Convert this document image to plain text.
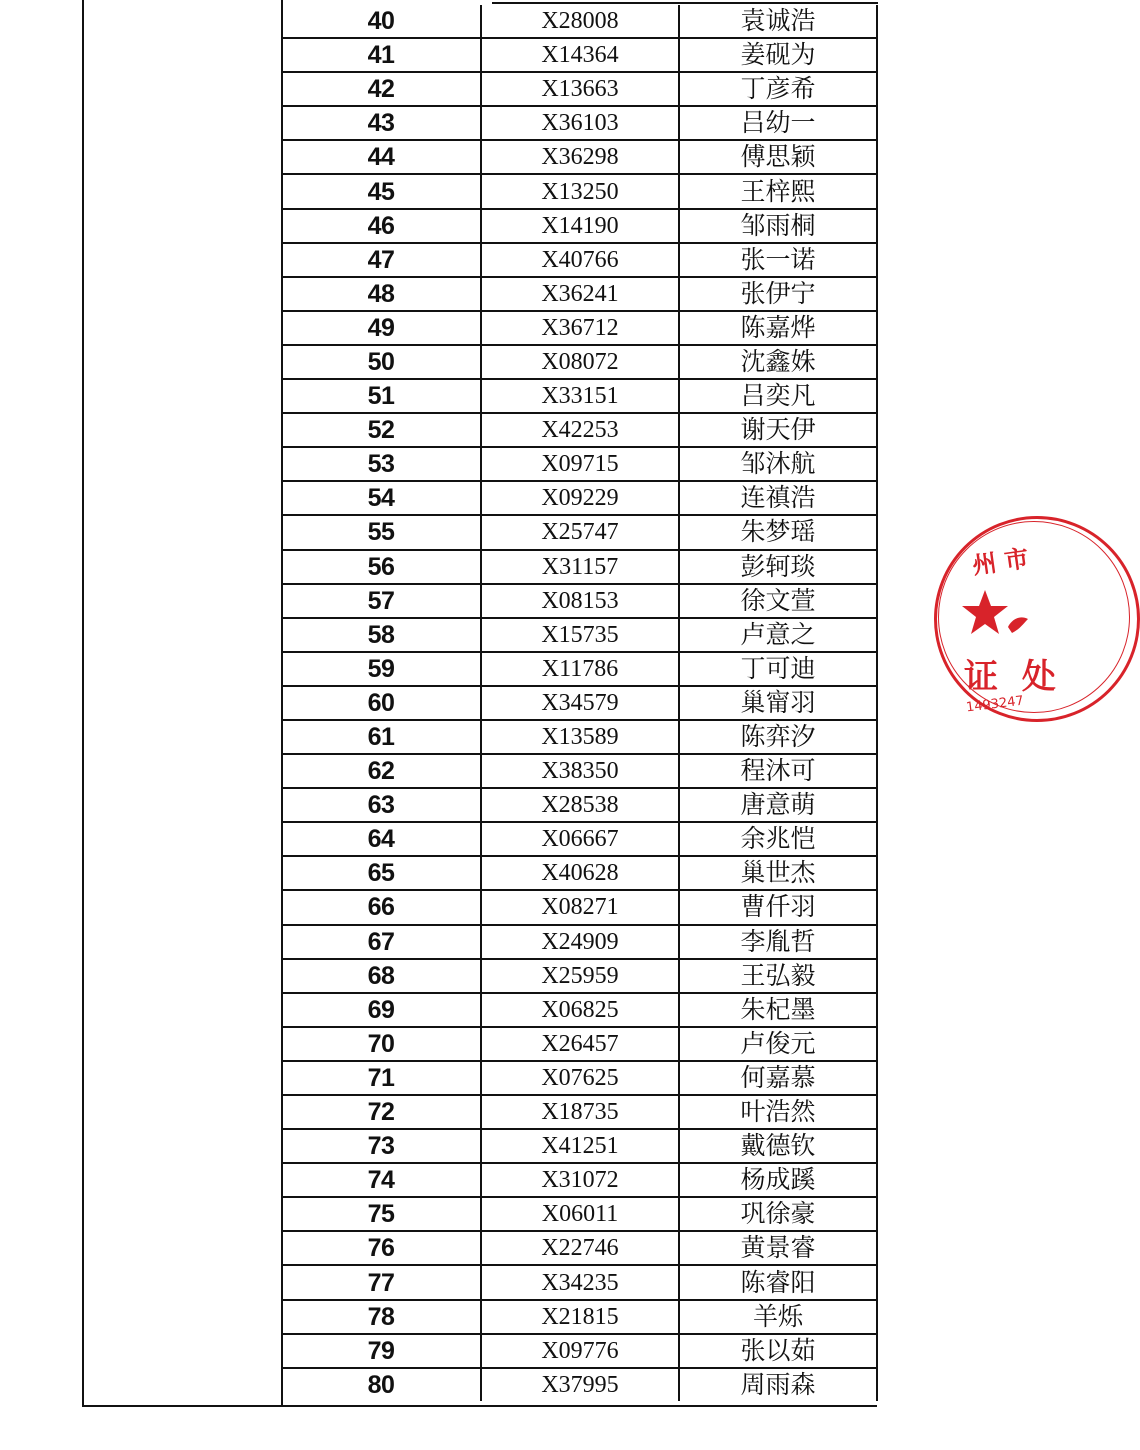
40	X28008	袁诚浩
41	X14364	姜砚为
42	X13663	丁彦希
43	X36103	吕幼一
44	X36298	傅思颖
45	X13250	王梓熙
46	X14190	邹雨桐
47	X40766	张一诺
48	X36241	张伊宁
49	X36712	陈嘉烨
50	X08072	沈鑫姝
51	X33151	吕奕凡
52	X42253	谢天伊
53	X09715	邹沐航
54	X09229	连禛浩
55	X25747	朱梦瑶
56	X31157	彭轲琰
57	X08153	徐文萱
58	X15735	卢意之
59	X11786	丁可迪
60	X34579	巢甯羽
61	X13589	陈弈汐
62	X38350	程沐可
63	X28538	唐意萌
64	X06667	余兆恺
65	X40628	巢世杰
66	X08271	曹仟羽
67	X24909	李胤哲
68	X25959	王弘毅
69	X06825	朱杞墨
70	X26457	卢俊元
71	X07625	何嘉慕
72	X18735	叶浩然
73	X41251	戴德钦
74	X31072	杨成蹊
75	X06011	巩徐豪
76	X22746	黄景睿
77	X34235	陈睿阳
78	X21815	羊烁
79	X09776	张以茹
80	X37995	周雨森
州 市
证 处
1493247
